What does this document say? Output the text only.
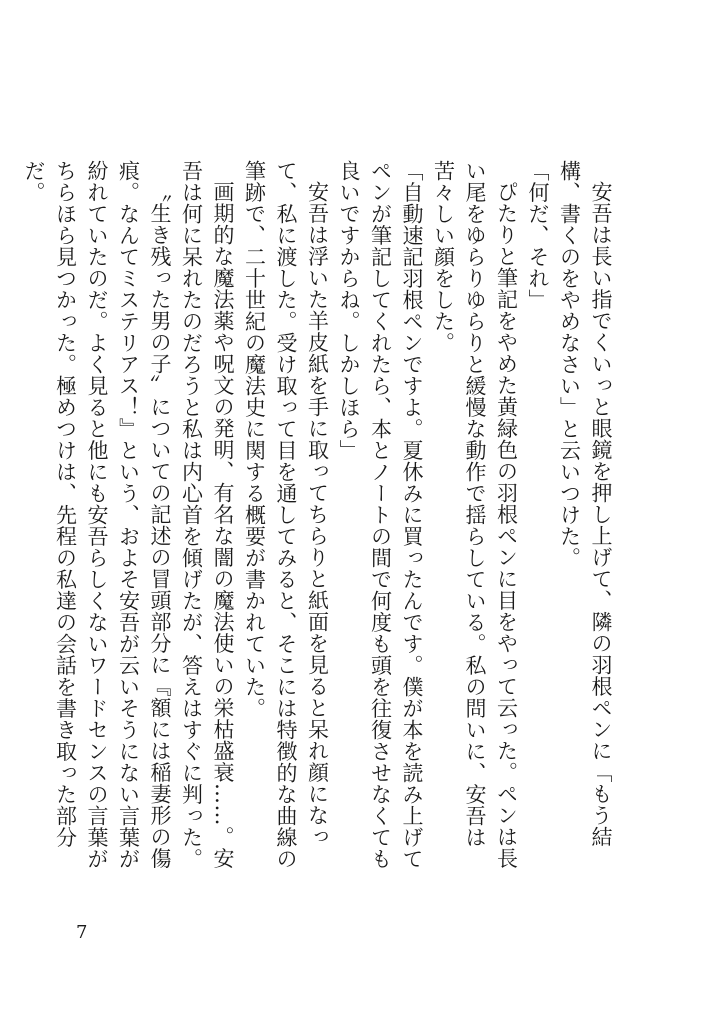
安吾は長い指でくいっと眼鏡を押し上げて、隣の羽根ペンに「もう結構、書くのをやめなさい」と云いつけた。

「何だ、それ」

ぴたりと筆記をやめた黄緑色の羽根ペンに目をやって云った。ペンは長い尾をゆらりゆらりと緩慢な動作で揺らしている。私の問いに、安吾は苦々しい顔をした。

「自動速記羽根ペンですよ。夏休みに買ったんです。僕が本を読み上げてペンが筆記してくれたら、本とノートの間で何度も頭を往復させなくても良いですからね。しかしほら」

安吾は浮いた羊皮紙を手に取ってちらりと紙面を見ると呆れ顔になって、私に渡した。受け取って目を通してみると、そこには特徴的な曲線の筆跡で、二十世紀の魔法史に関する概要が書かれていた。

画期的な魔法薬や呪文の発明、有名な闇の魔法使いの栄枯盛衰……。安吾は何に呆れたのだろうと私は内心首を傾げたが、答えはすぐに判った。

〝生き残った男の子〟についての記述の冒頭部分に『額には稲妻形の傷痕。なんてミステリアス！』という、およそ安吾が云いそうにない言葉が紛れていたのだ。よく見ると他にも安吾らしくないワードセンスの言葉がちらほら見つかった。極めつけは、先程の私達の会話を書き取った部分だ。

7
